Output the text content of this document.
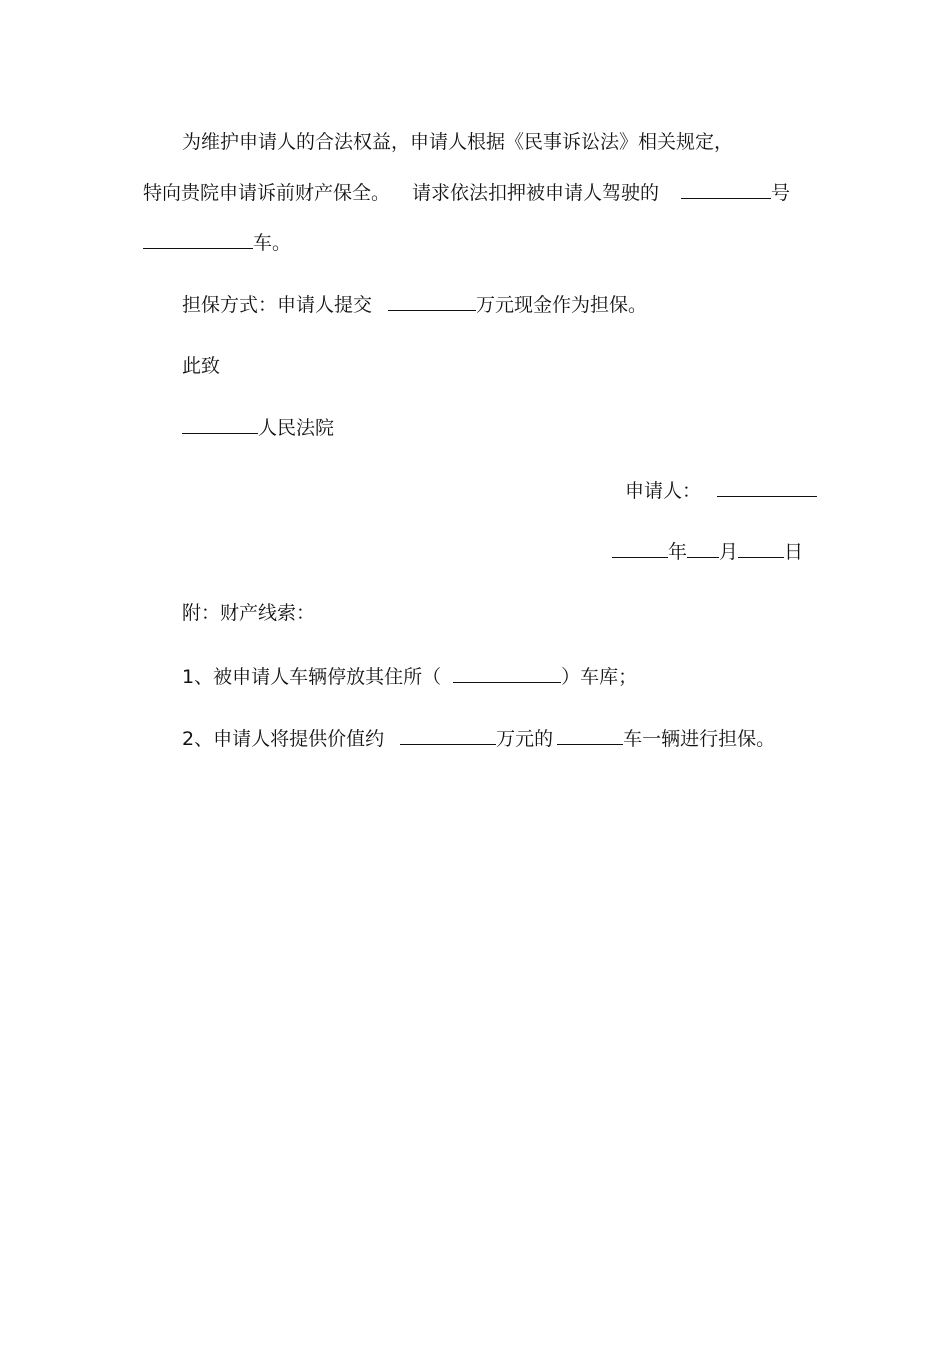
为维护申请人的合法权益，申请人根据《民事诉讼法》相关规定，
特向贵院申请诉前财产保全。 请求依法扣押被申请人驾驶的	号
车。
担保方式：申请人提交	万元现金作为担保。
此致
人民法院
申请人：
年 月 日
附：财产线索：
1、被申请人车辆停放其住所（	）车库；
2、申请人将提供价值约	万元的	车一辆进行担保。
